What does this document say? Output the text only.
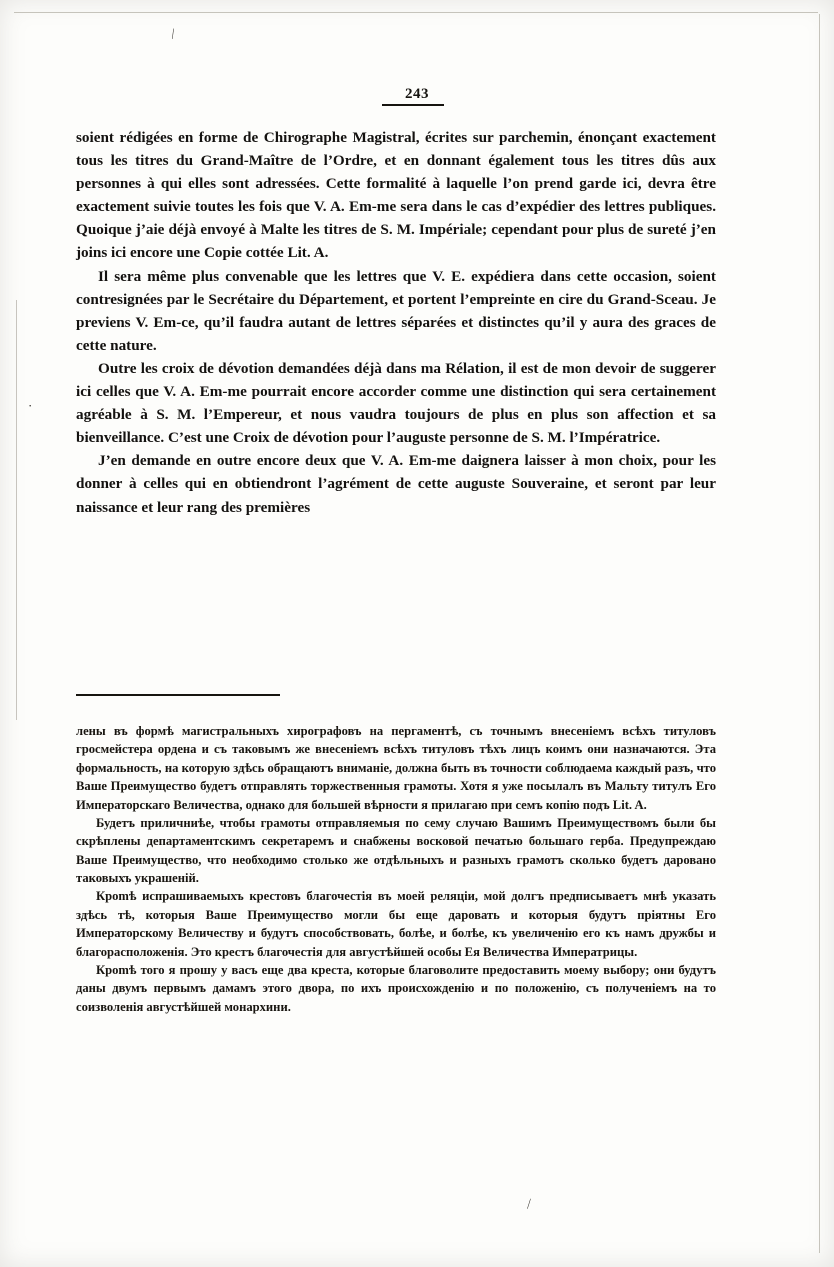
⁄
·
⁄
243

soient rédigées en forme de Chirographe Magistral, écrites sur parchemin, énonçant exactement tous les titres du Grand-Maître de l’Ordre, et en donnant également tous les titres dûs aux personnes à qui elles sont adressées. Cette formalité à laquelle l’on prend garde ici, devra être exactement suivie toutes les fois que V. A. Em-me sera dans le cas d’expédier des lettres publiques. Quoique j’aie déjà envoyé à Malte les titres de S. M. Impériale; cependant pour plus de sureté j’en joins ici encore une Copie cottée Lit. A.

Il sera même plus convenable que les lettres que V. E. expédiera dans cette occasion, soient contresignées par le Secrétaire du Département, et portent l’empreinte en cire du Grand-Sceau. Je previens V. Em-ce, qu’il faudra autant de lettres séparées et distinctes qu’il y aura des graces de cette nature.

Outre les croix de dévotion demandées déjà dans ma Rélation, il est de mon devoir de suggerer ici celles que V. A. Em-me pourrait encore accorder comme une distinction qui sera certainement agréable à S. M. l’Empereur, et nous vaudra toujours de plus en plus son affection et sa bienveillance. C’est une Croix de dévotion pour l’auguste personne de S. M. l’Impératrice.

J’en demande en outre encore deux que V. A. Em-me daignera laisser à mon choix, pour les donner à celles qui en obtiendront l’agrément de cette auguste Souveraine, et seront par leur naissance et leur rang des premières

лены въ формѣ магистральныхъ хирографовъ на пергаментѣ, съ точнымъ внесеніемъ всѣхъ титуловъ гросмейстера ордена и съ таковымъ же внесеніемъ всѣхъ титуловъ тѣхъ лицъ коимъ они назначаются. Эта формальность, на которую здѣсь обращаютъ вниманіе, должна быть въ точности соблюдаема каждый разъ, что Ваше Преимущество будетъ отправлять торжественныя грамоты. Хотя я уже посылалъ въ Мальту титулъ Его Императорскаго Величества, однако для большей вѣрности я прилагаю при семъ копію подъ Lit. A.

Будетъ приличниѣе, чтобы грамоты отправляемыя по сему случаю Вашимъ Преимуществомъ были бы скрѣплены департаментскимъ секретаремъ и снабжены восковой печатью большаго герба. Предупреждаю Ваше Преимущество, что необходимо столько же отдѣльныхъ и разныхъ грамотъ сколько будетъ даровано таковыхъ украшеній.

Крomѣ испрашиваемыхъ крестовъ благочестія въ моей реляціи, мой долгъ предписываетъ мнѣ указать здѣсь тѣ, которыя Ваше Преимущество могли бы еще даровать и которыя будутъ прiятны Его Императорскому Величеству и будутъ способствовать, болѣе, и болѣе, къ увеличенію его къ намъ дружбы и благорасположенія. Это крестъ благочестія для августѣйшей особы Ея Величества Императрицы.

Крomѣ того я прошу у васъ еще два креста, которые благоволите предоставить моему выбору; они будутъ даны двумъ первымъ дамамъ этого двора, по ихъ происхожденію и по положенію, съ полученіемъ на то соизволенія августѣйшей монархини.
